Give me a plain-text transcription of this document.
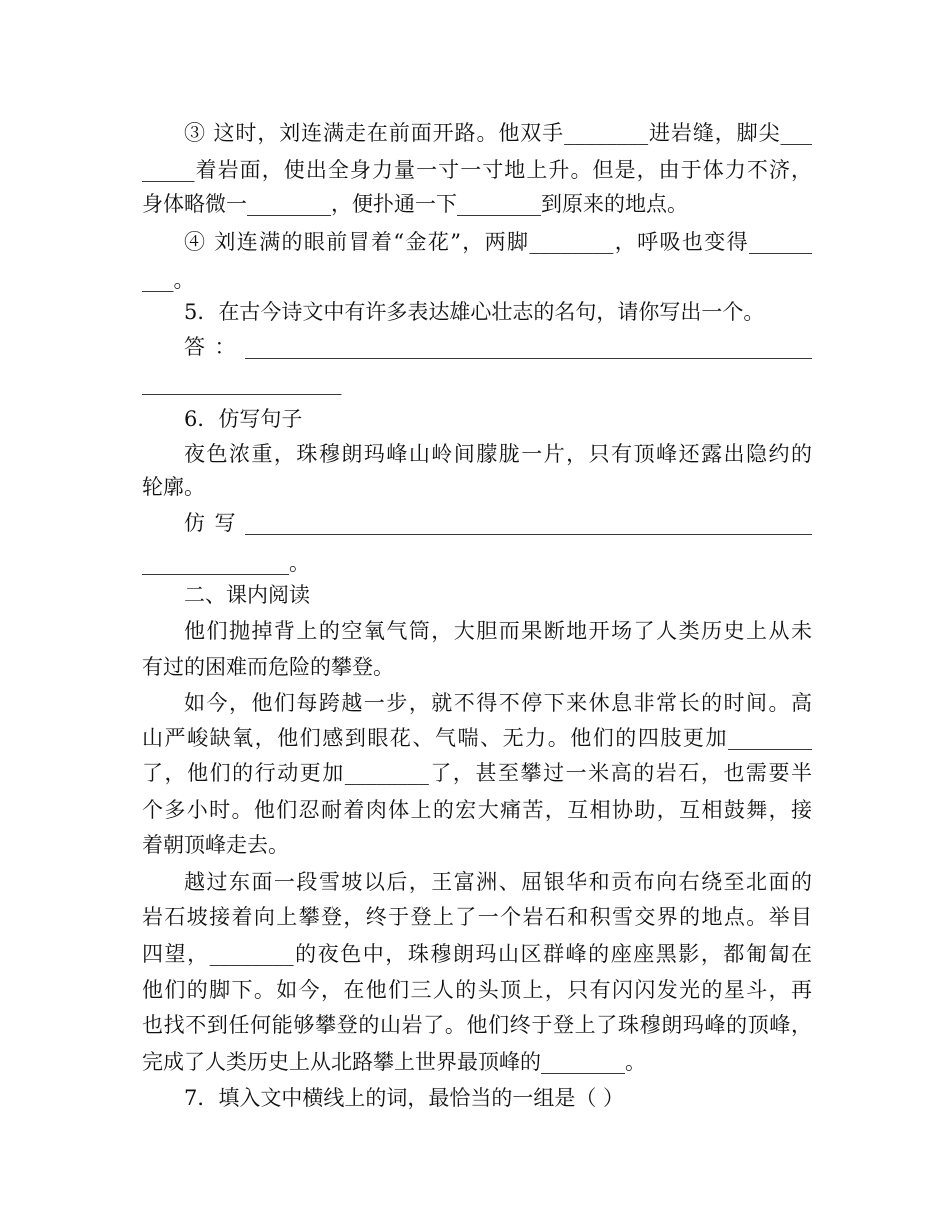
③ 这时，刘连满走在前面开路。他双手________进岩缝，脚尖___
_____着岩面，使出全身力量一寸一寸地上升。但是，由于体力不济，
身体略微一________，便扑通一下________到原来的地点。
④ 刘连满的眼前冒着“金花”，两脚________，呼吸也变得______
___。
5．在古今诗文中有许多表达雄心壮志的名句，请你写出一个。
答：______________________________________________________
___________________
6．仿写句子
夜色浓重，珠穆朗玛峰山岭间朦胧一片，只有顶峰还露出隐约的
轮廓。
仿写______________________________________________________
______________。
二、课内阅读
他们抛掉背上的空氧气筒，大胆而果断地开场了人类历史上从未
有过的困难而危险的攀登。
如今，他们每跨越一步，就不得不停下来休息非常长的时间。高
山严峻缺氧，他们感到眼花、气喘、无力。他们的四肢更加________
了，他们的行动更加________了，甚至攀过一米高的岩石，也需要半
个多小时。他们忍耐着肉体上的宏大痛苦，互相协助，互相鼓舞，接
着朝顶峰走去。
越过东面一段雪坡以后，王富洲、屈银华和贡布向右绕至北面的
岩石坡接着向上攀登，终于登上了一个岩石和积雪交界的地点。举目
四望，________的夜色中，珠穆朗玛山区群峰的座座黑影，都匍匐在
他们的脚下。如今，在他们三人的头顶上，只有闪闪发光的星斗，再
也找不到任何能够攀登的山岩了。他们终于登上了珠穆朗玛峰的顶峰，
完成了人类历史上从北路攀上世界最顶峰的________。
7．填入文中横线上的词，最恰当的一组是（ ）
